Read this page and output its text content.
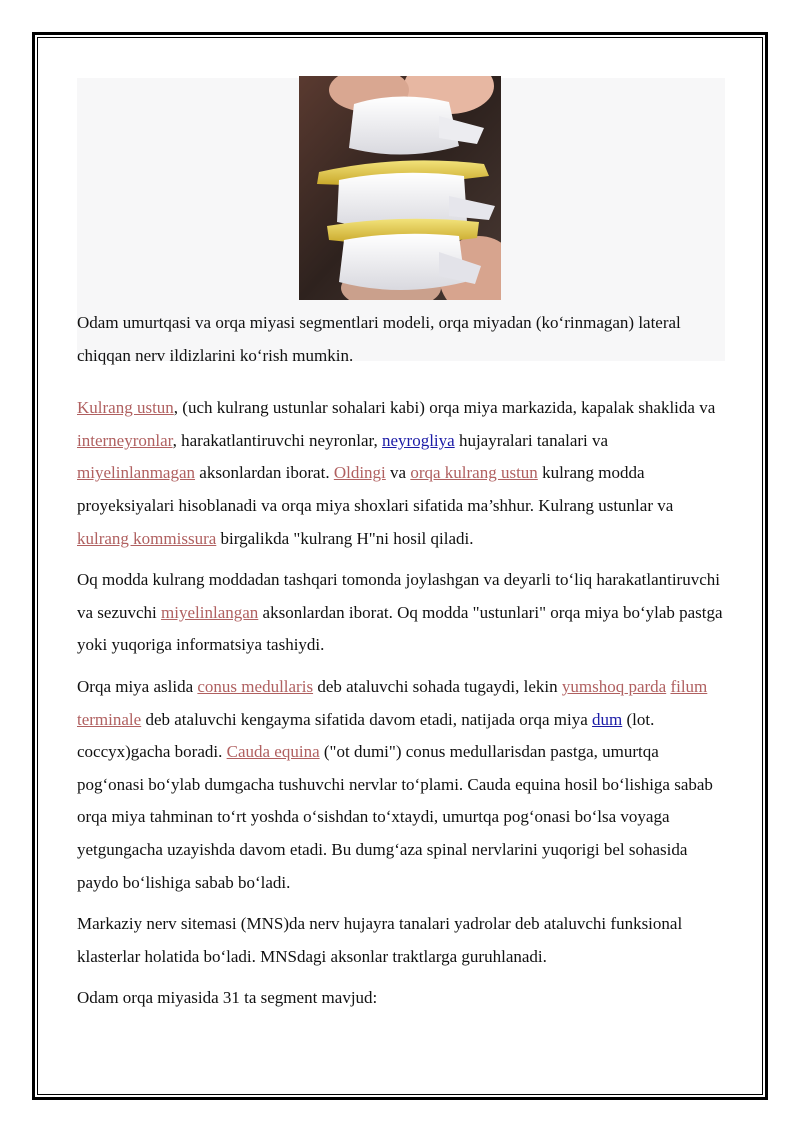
Odam umurtqasi va orqa miyasi segmentlari modeli, orqa miyadan (ko‘rinmagan) lateral chiqqan nerv ildizlarini ko‘rish mumkin.

Kulrang ustun, (uch kulrang ustunlar sohalari kabi) orqa miya markazida, kapalak shaklida va interneyronlar, harakatlantiruvchi neyronlar, neyrogliya hujayralari tanalari va miyelinlanmagan aksonlardan iborat. Oldingi va orqa kulrang ustun kulrang modda proyeksiyalari hisoblanadi va orqa miya shoxlari sifatida ma’shhur. Kulrang ustunlar va kulrang kommissura birgalikda "kulrang H"ni hosil qiladi.

Oq modda kulrang moddadan tashqari tomonda joylashgan va deyarli to‘liq harakatlantiruvchi va sezuvchi miyelinlangan aksonlardan iborat. Oq modda "ustunlari" orqa miya bo‘ylab pastga yoki yuqoriga informatsiya tashiydi.

Orqa miya aslida conus medullaris deb ataluvchi sohada tugaydi, lekin yumshoq parda filum terminale deb ataluvchi kengayma sifatida davom etadi, natijada orqa miya dum (lot. coccyx)gacha boradi. Cauda equina ("ot dumi") conus medullarisdan pastga, umurtqa pog‘onasi bo‘ylab dumgacha tushuvchi nervlar to‘plami. Cauda equina hosil bo‘lishiga sabab orqa miya tahminan to‘rt yoshda o‘sishdan to‘xtaydi, umurtqa pog‘onasi bo‘lsa voyaga yetgungacha uzayishda davom etadi. Bu dumg‘aza spinal nervlarini yuqorigi bel sohasida paydo bo‘lishiga sabab bo‘ladi.

Markaziy nerv sitemasi (MNS)da nerv hujayra tanalari yadrolar deb ataluvchi funksional klasterlar holatida bo‘ladi. MNSdagi aksonlar traktlarga guruhlanadi.

Odam orqa miyasida 31 ta segment mavjud:
